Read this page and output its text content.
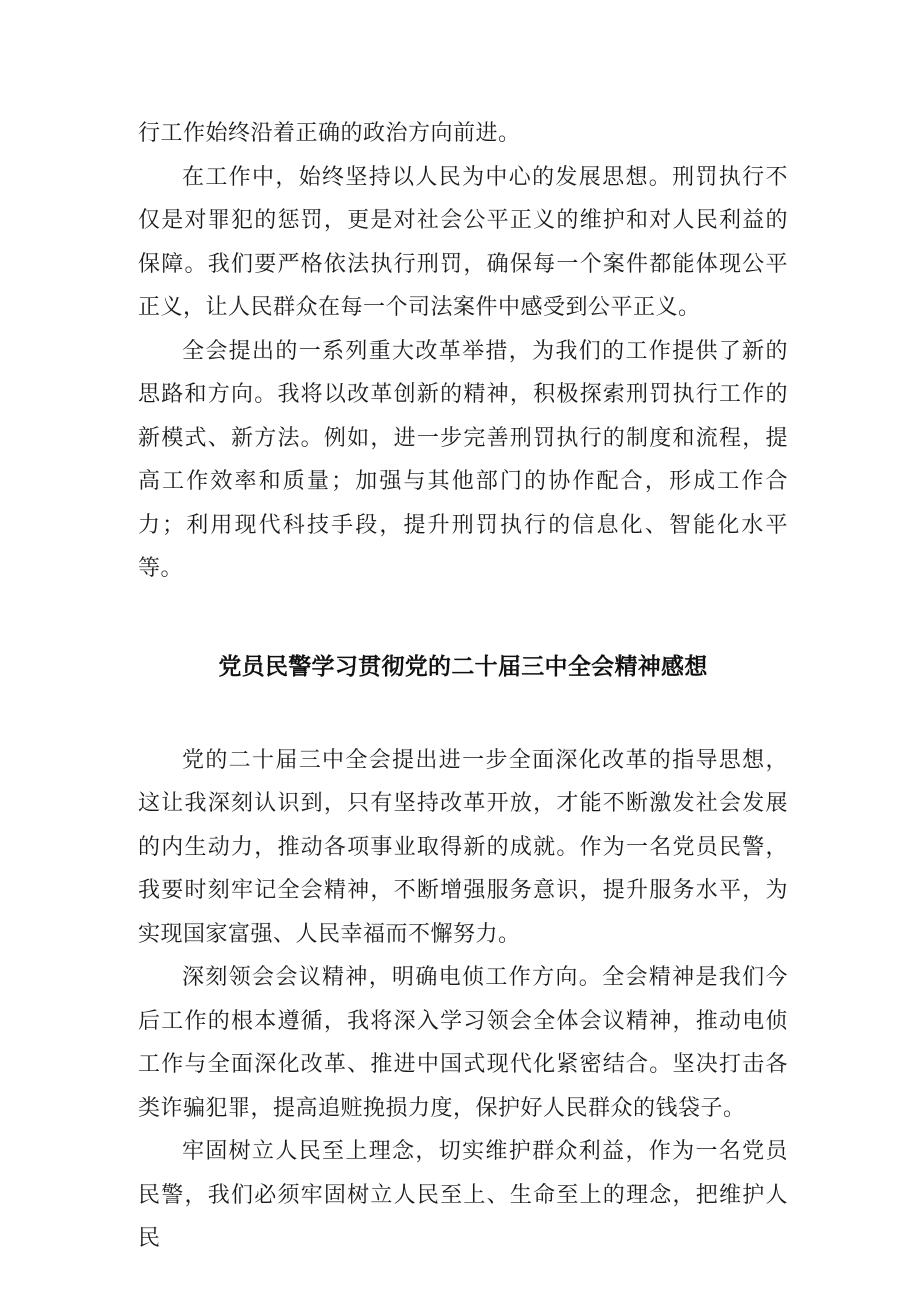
行工作始终沿着正确的政治方向前进。

在工作中，始终坚持以人民为中心的发展思想。刑罚执行不仅是对罪犯的惩罚，更是对社会公平正义的维护和对人民利益的保障。我们要严格依法执行刑罚，确保每一个案件都能体现公平正义，让人民群众在每一个司法案件中感受到公平正义。

全会提出的一系列重大改革举措，为我们的工作提供了新的思路和方向。我将以改革创新的精神，积极探索刑罚执行工作的新模式、新方法。例如，进一步完善刑罚执行的制度和流程，提高工作效率和质量；加强与其他部门的协作配合，形成工作合力；利用现代科技手段，提升刑罚执行的信息化、智能化水平等。

党员民警学习贯彻党的二十届三中全会精神感想

党的二十届三中全会提出进一步全面深化改革的指导思想，这让我深刻认识到，只有坚持改革开放，才能不断激发社会发展的内生动力，推动各项事业取得新的成就。作为一名党员民警，我要时刻牢记全会精神，不断增强服务意识，提升服务水平，为实现国家富强、人民幸福而不懈努力。

深刻领会会议精神，明确电侦工作方向。全会精神是我们今后工作的根本遵循，我将深入学习领会全体会议精神，推动电侦工作与全面深化改革、推进中国式现代化紧密结合。坚决打击各类诈骗犯罪，提高追赃挽损力度，保护好人民群众的钱袋子。

牢固树立人民至上理念，切实维护群众利益，作为一名党员民警，我们必须牢固树立人民至上、生命至上的理念，把维护人民
